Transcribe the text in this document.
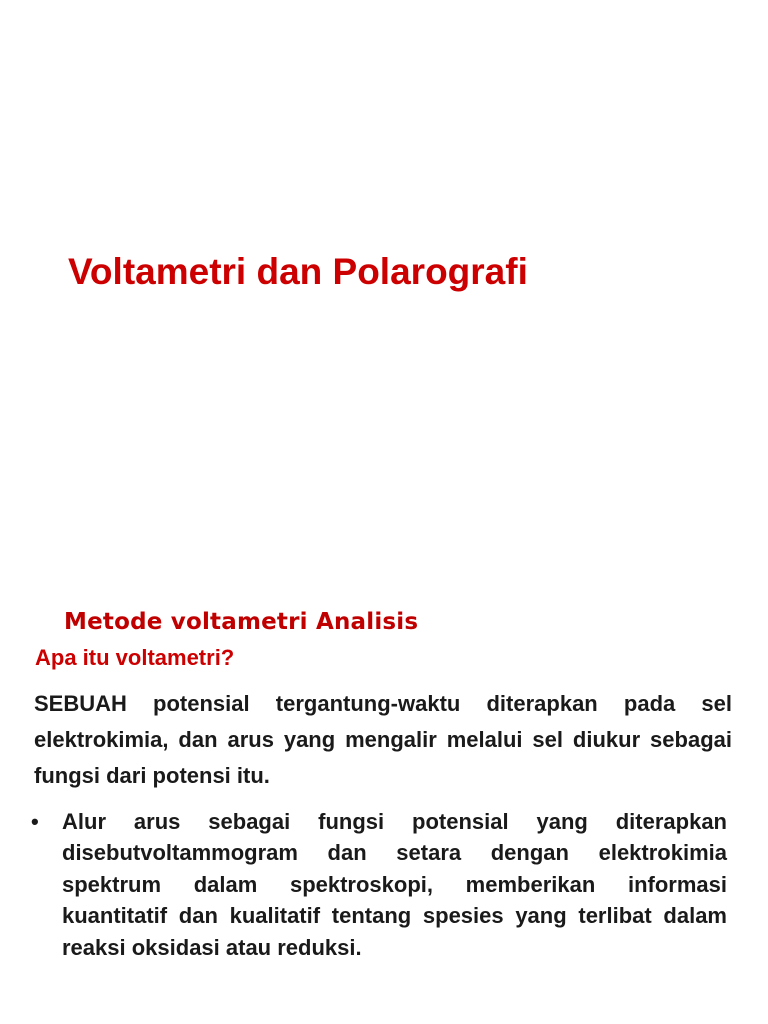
Voltametri dan Polarografi
Metode voltametri Analisis
Apa itu voltametri?

SEBUAH potensial tergantung-waktu diterapkan pada sel elektrokimia, dan arus yang mengalir melalui sel diukur sebagai fungsi dari potensi itu.

• Alur arus sebagai fungsi potensial yang diterapkan disebutvoltammogram dan setara dengan elektrokimia spektrum dalam spektroskopi, memberikan informasi kuantitatif dan kualitatif tentang spesies yang terlibat dalam reaksi oksidasi atau reduksi.
